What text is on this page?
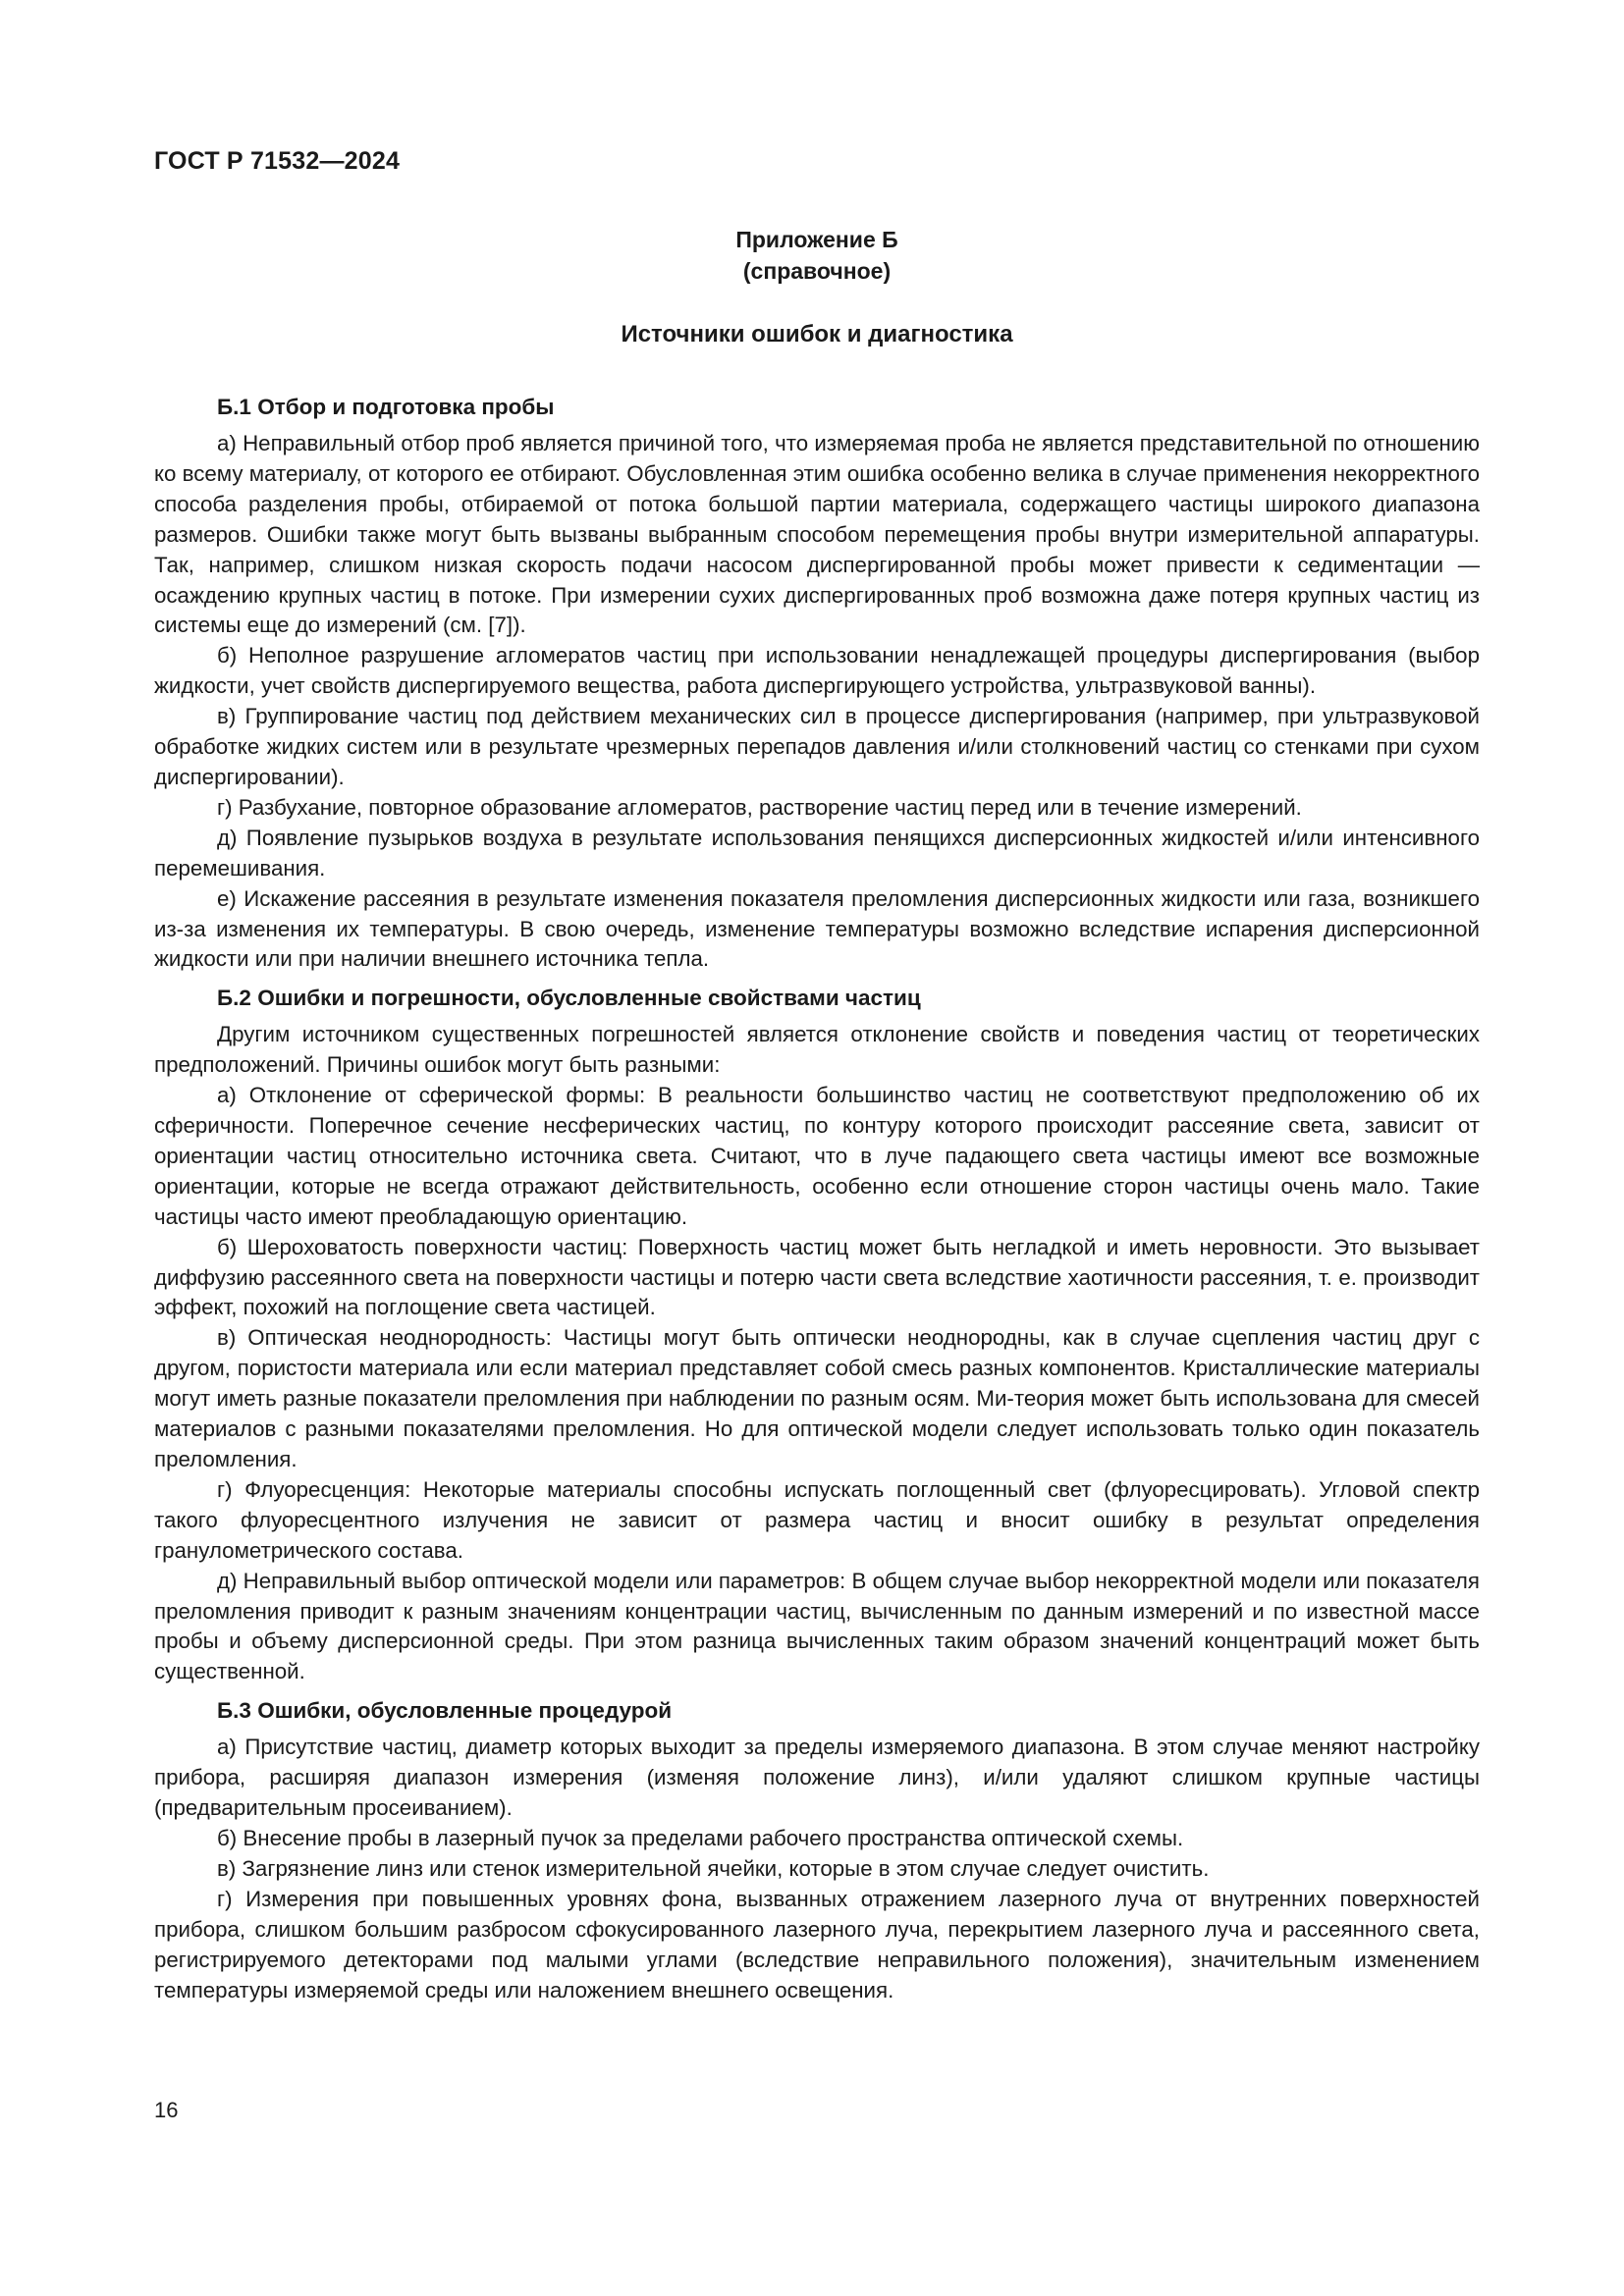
ГОСТ Р 71532—2024
Приложение Б
(справочное)
Источники ошибок и диагностика
Б.1 Отбор и подготовка пробы

а) Неправильный отбор проб является причиной того, что измеряемая проба не является представительной по отношению ко всему материалу, от которого ее отбирают. Обусловленная этим ошибка особенно велика в случае применения некорректного способа разделения пробы, отбираемой от потока большой партии материала, содержащего частицы широкого диапазона размеров. Ошибки также могут быть вызваны выбранным способом перемещения пробы внутри измерительной аппаратуры. Так, например, слишком низкая скорость подачи насосом диспергированной пробы может привести к седиментации — осаждению крупных частиц в потоке. При измерении сухих диспергированных проб возможна даже потеря крупных частиц из системы еще до измерений (см. [7]).

б) Неполное разрушение агломератов частиц при использовании ненадлежащей процедуры диспергирования (выбор жидкости, учет свойств диспергируемого вещества, работа диспергирующего устройства, ультразвуковой ванны).

в) Группирование частиц под действием механических сил в процессе диспергирования (например, при ультразвуковой обработке жидких систем или в результате чрезмерных перепадов давления и/или столкновений частиц со стенками при сухом диспергировании).

г) Разбухание, повторное образование агломератов, растворение частиц перед или в течение измерений.

д) Появление пузырьков воздуха в результате использования пенящихся дисперсионных жидкостей и/или интенсивного перемешивания.

е) Искажение рассеяния в результате изменения показателя преломления дисперсионных жидкости или газа, возникшего из-за изменения их температуры. В свою очередь, изменение температуры возможно вследствие испарения дисперсионной жидкости или при наличии внешнего источника тепла.

Б.2 Ошибки и погрешности, обусловленные свойствами частиц

Другим источником существенных погрешностей является отклонение свойств и поведения частиц от теоретических предположений. Причины ошибок могут быть разными:

а) Отклонение от сферической формы: В реальности большинство частиц не соответствуют предположению об их сферичности. Поперечное сечение несферических частиц, по контуру которого происходит рассеяние света, зависит от ориентации частиц относительно источника света. Считают, что в луче падающего света частицы имеют все возможные ориентации, которые не всегда отражают действительность, особенно если отношение сторон частицы очень мало. Такие частицы часто имеют преобладающую ориентацию.

б) Шероховатость поверхности частиц: Поверхность частиц может быть негладкой и иметь неровности. Это вызывает диффузию рассеянного света на поверхности частицы и потерю части света вследствие хаотичности рассеяния, т. е. производит эффект, похожий на поглощение света частицей.

в) Оптическая неоднородность: Частицы могут быть оптически неоднородны, как в случае сцепления частиц друг с другом, пористости материала или если материал представляет собой смесь разных компонентов. Кристаллические материалы могут иметь разные показатели преломления при наблюдении по разным осям. Ми-теория может быть использована для смесей материалов с разными показателями преломления. Но для оптической модели следует использовать только один показатель преломления.

г) Флуоресценция: Некоторые материалы способны испускать поглощенный свет (флуоресцировать). Угловой спектр такого флуоресцентного излучения не зависит от размера частиц и вносит ошибку в результат определения гранулометрического состава.

д) Неправильный выбор оптической модели или параметров: В общем случае выбор некорректной модели или показателя преломления приводит к разным значениям концентрации частиц, вычисленным по данным измерений и по известной массе пробы и объему дисперсионной среды. При этом разница вычисленных таким образом значений концентраций может быть существенной.

Б.3 Ошибки, обусловленные процедурой

а) Присутствие частиц, диаметр которых выходит за пределы измеряемого диапазона. В этом случае меняют настройку прибора, расширяя диапазон измерения (изменяя положение линз), и/или удаляют слишком крупные частицы (предварительным просеиванием).

б) Внесение пробы в лазерный пучок за пределами рабочего пространства оптической схемы.

в) Загрязнение линз или стенок измерительной ячейки, которые в этом случае следует очистить.

г) Измерения при повышенных уровнях фона, вызванных отражением лазерного луча от внутренних поверхностей прибора, слишком большим разбросом сфокусированного лазерного луча, перекрытием лазерного луча и рассеянного света, регистрируемого детекторами под малыми углами (вследствие неправильного положения), значительным изменением температуры измеряемой среды или наложением внешнего освещения.

16
